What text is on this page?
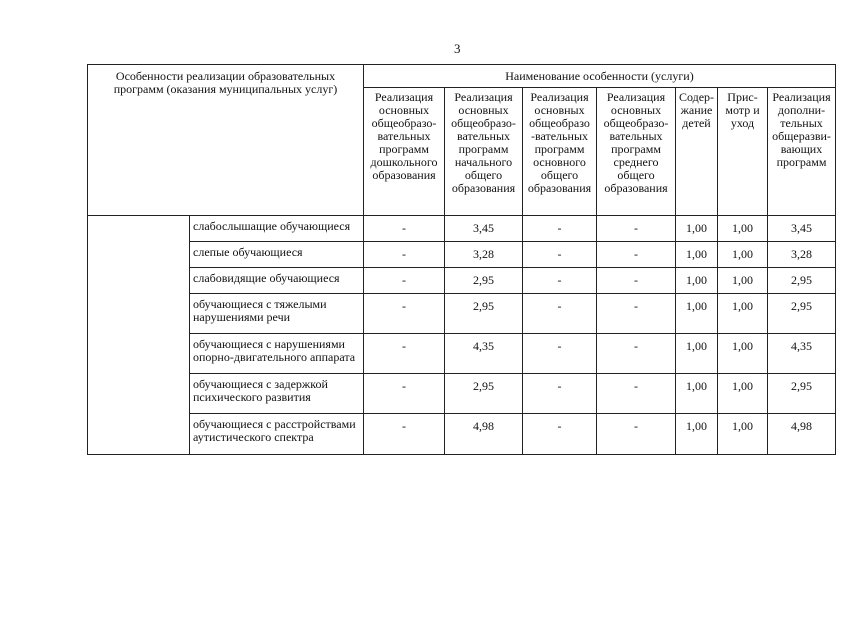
3
Особенности реализации образовательных программ (оказания муниципальных услуг)		Наименование особенности (услуги)						
		Реализация основных общеобразо-вательных программ дошкольного образования	Реализация основных общеобразо-вательных программ начального общего образования	Реализация основных общеобразо -вательных программ основного общего образования	Реализация основных общеобразо-вательных программ среднего общего образования	Содер-жание детей	Прис-мотр и уход	Реализация дополни-тельных общеразви-вающих программ
	слабослышащие обучающиеся	-	3,45	-	-	1,00	1,00	3,45
	слепые обучающиеся	-	3,28	-	-	1,00	1,00	3,28
	слабовидящие обучающиеся	-	2,95	-	-	1,00	1,00	2,95
	обучающиеся с тяжелыми нарушениями речи	-	2,95	-	-	1,00	1,00	2,95
	обучающиеся с нарушениями опорно-двигательного аппарата	-	4,35	-	-	1,00	1,00	4,35
	обучающиеся с задержкой психического развития	-	2,95	-	-	1,00	1,00	2,95
	обучающиеся с расстройствами аутистического спектра	-	4,98	-	-	1,00	1,00	4,98
